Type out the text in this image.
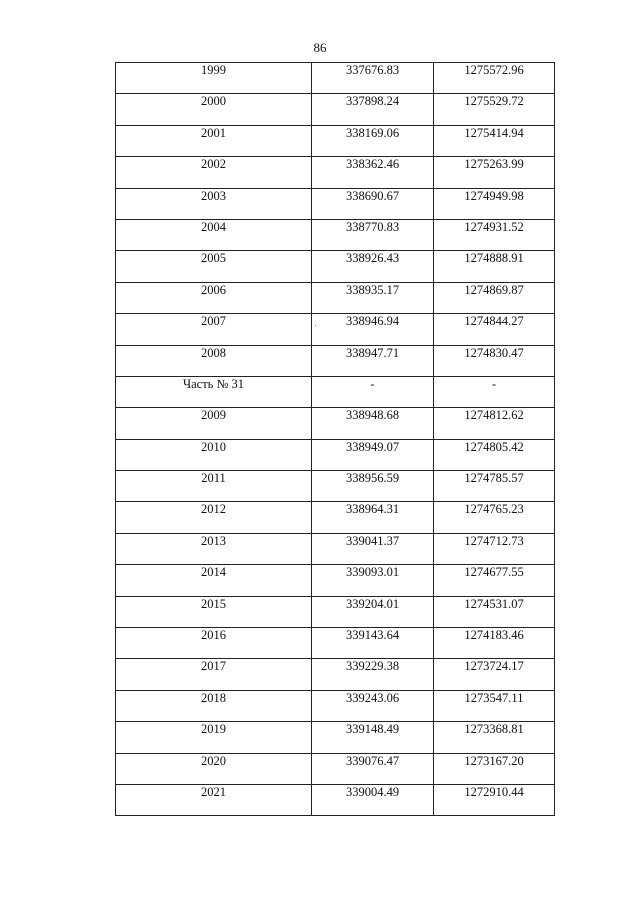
86
1999	337676.83	1275572.96
2000	337898.24	1275529.72
2001	338169.06	1275414.94
2002	338362.46	1275263.99
2003	338690.67	1274949.98
2004	338770.83	1274931.52
2005	338926.43	1274888.91
2006	338935.17	1274869.87
2007	338946.94	1274844.27
2008	338947.71	1274830.47
Часть № 31	-	-
2009	338948.68	1274812.62
2010	338949.07	1274805.42
2011	338956.59	1274785.57
2012	338964.31	1274765.23
2013	339041.37	1274712.73
2014	339093.01	1274677.55
2015	339204.01	1274531.07
2016	339143.64	1274183.46
2017	339229.38	1273724.17
2018	339243.06	1273547.11
2019	339148.49	1273368.81
2020	339076.47	1273167.20
2021	339004.49	1272910.44
